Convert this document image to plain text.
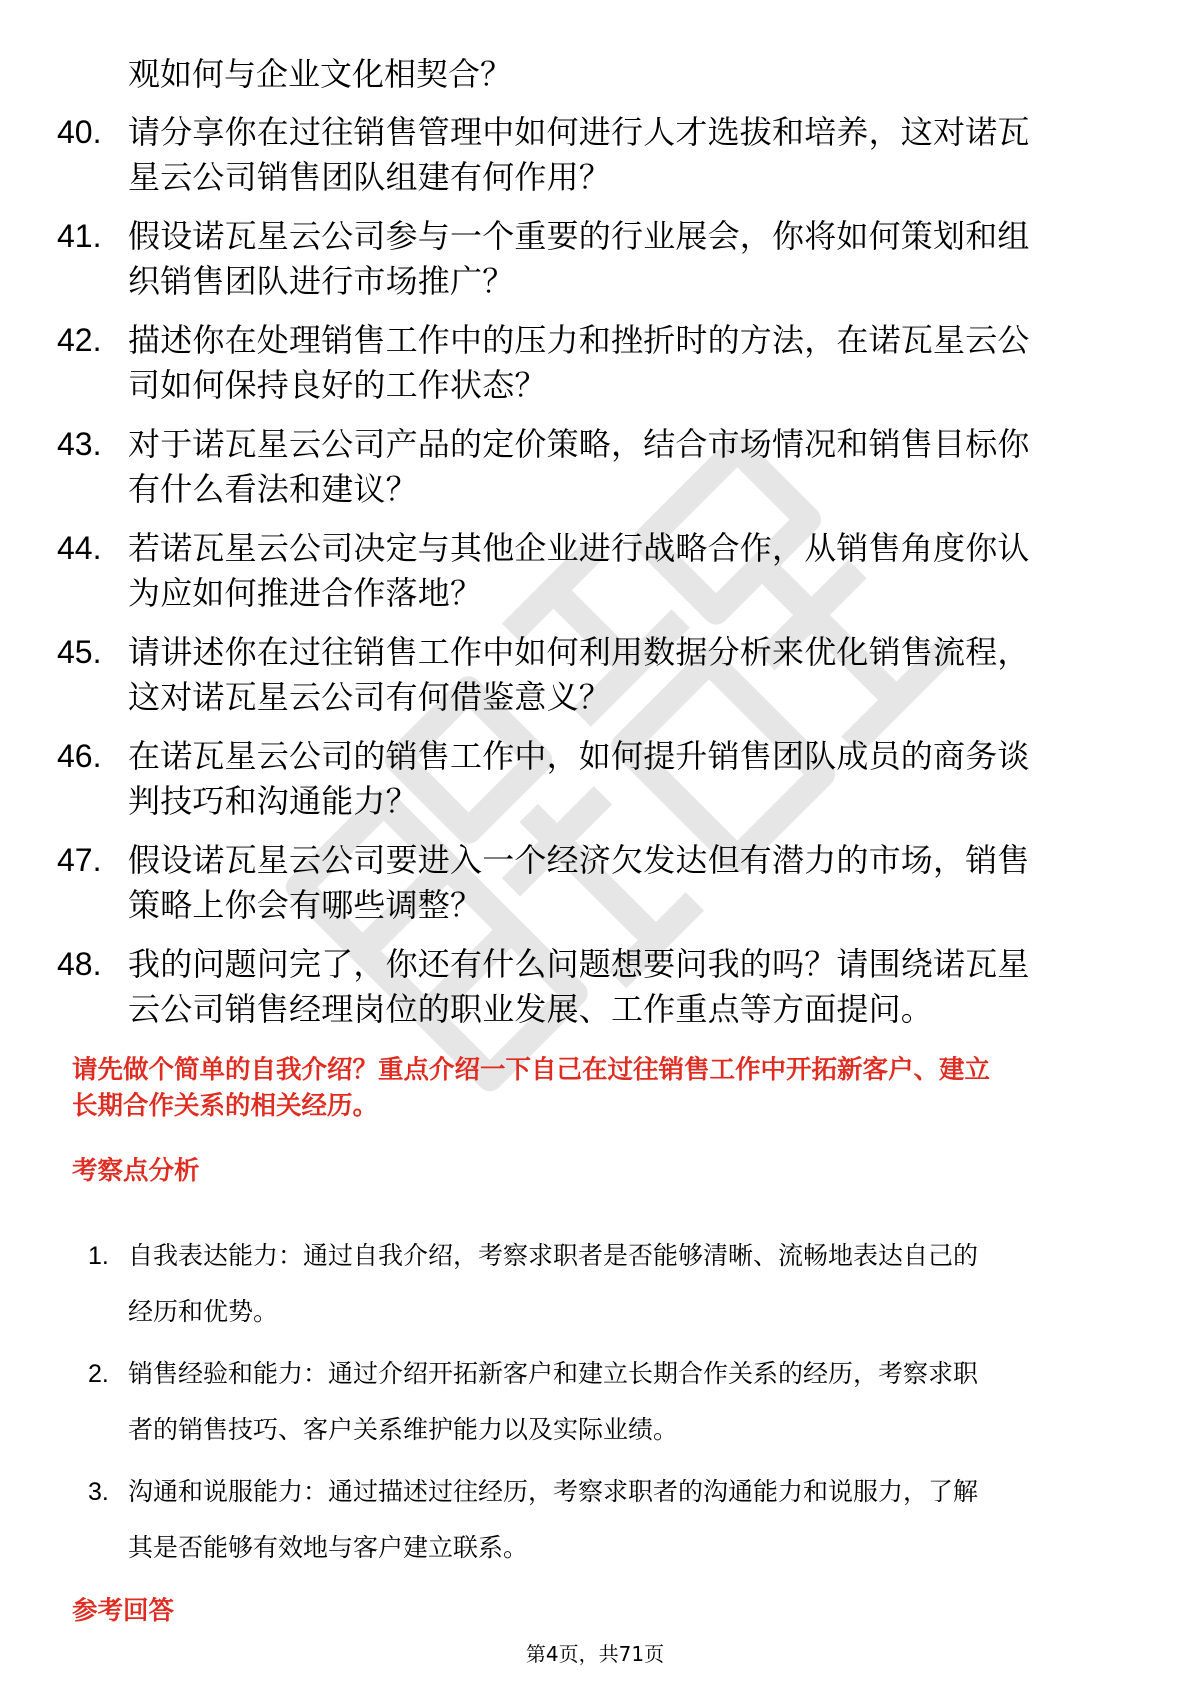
观如何与企业文化相契合？

40. 请分享你在过往销售管理中如何进行人才选拔和培养，这对诺瓦
星云公司销售团队组建有何作用？
41. 假设诺瓦星云公司参与一个重要的行业展会，你将如何策划和组
织销售团队进行市场推广？
42. 描述你在处理销售工作中的压力和挫折时的方法，在诺瓦星云公
司如何保持良好的工作状态？
43. 对于诺瓦星云公司产品的定价策略，结合市场情况和销售目标你
有什么看法和建议？
44. 若诺瓦星云公司决定与其他企业进行战略合作，从销售角度你认
为应如何推进合作落地？
45. 请讲述你在过往销售工作中如何利用数据分析来优化销售流程，
这对诺瓦星云公司有何借鉴意义？
46. 在诺瓦星云公司的销售工作中，如何提升销售团队成员的商务谈
判技巧和沟通能力？
47. 假设诺瓦星云公司要进入一个经济欠发达但有潜力的市场，销售
策略上你会有哪些调整？
48. 我的问题问完了，你还有什么问题想要问我的吗？请围绕诺瓦星
云公司销售经理岗位的职业发展、工作重点等方面提问。
请先做个简单的自我介绍？重点介绍一下自己在过往销售工作中开拓新客户、建立
长期合作关系的相关经历。
考察点分析
1. 自我表达能力：通过自我介绍，考察求职者是否能够清晰、流畅地表达自己的
经历和优势。
2. 销售经验和能力：通过介绍开拓新客户和建立长期合作关系的经历，考察求职
者的销售技巧、客户关系维护能力以及实际业绩。
3. 沟通和说服能力：通过描述过往经历，考察求职者的沟通能力和说服力，了解
其是否能够有效地与客户建立联系。
参考回答

第4页，共71页
